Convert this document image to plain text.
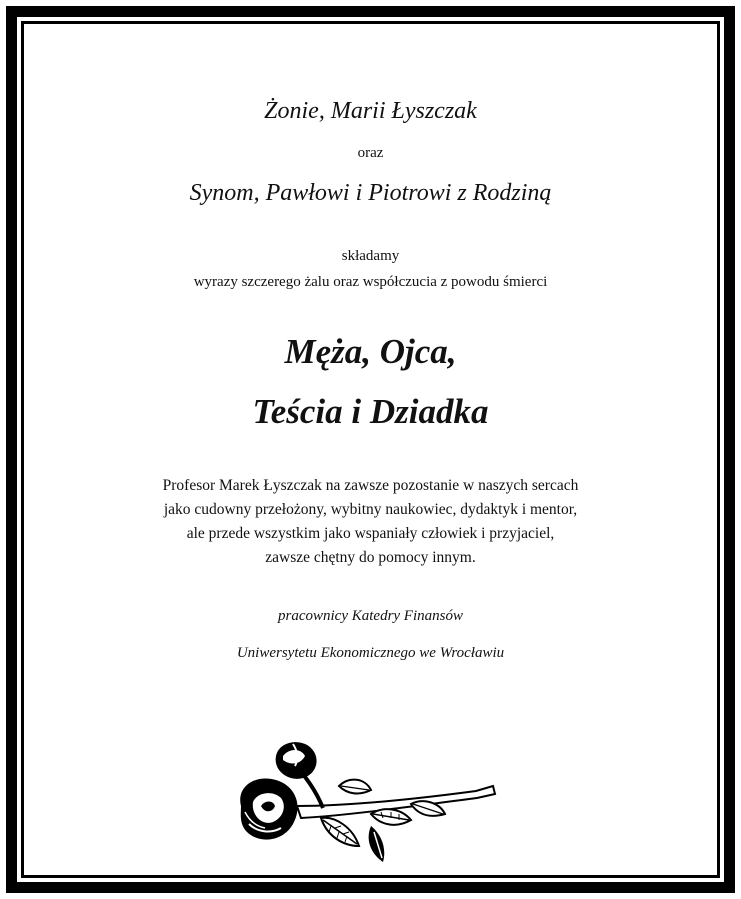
Żonie, Marii Łyszczak
oraz
Synom, Pawłowi i Piotrowi z Rodziną
składamy
wyrazy szczerego żalu oraz współczucia z powodu śmierci
Męża, Ojca,
Teścia i Dziadka
Profesor Marek Łyszczak na zawsze pozostanie w naszych sercach
jako cudowny przełożony, wybitny naukowiec, dydaktyk i mentor,
ale przede wszystkim jako wspaniały człowiek i przyjaciel,
zawsze chętny do pomocy innym.
pracownicy Katedry Finansów
Uniwersytetu Ekonomicznego we Wrocławiu
